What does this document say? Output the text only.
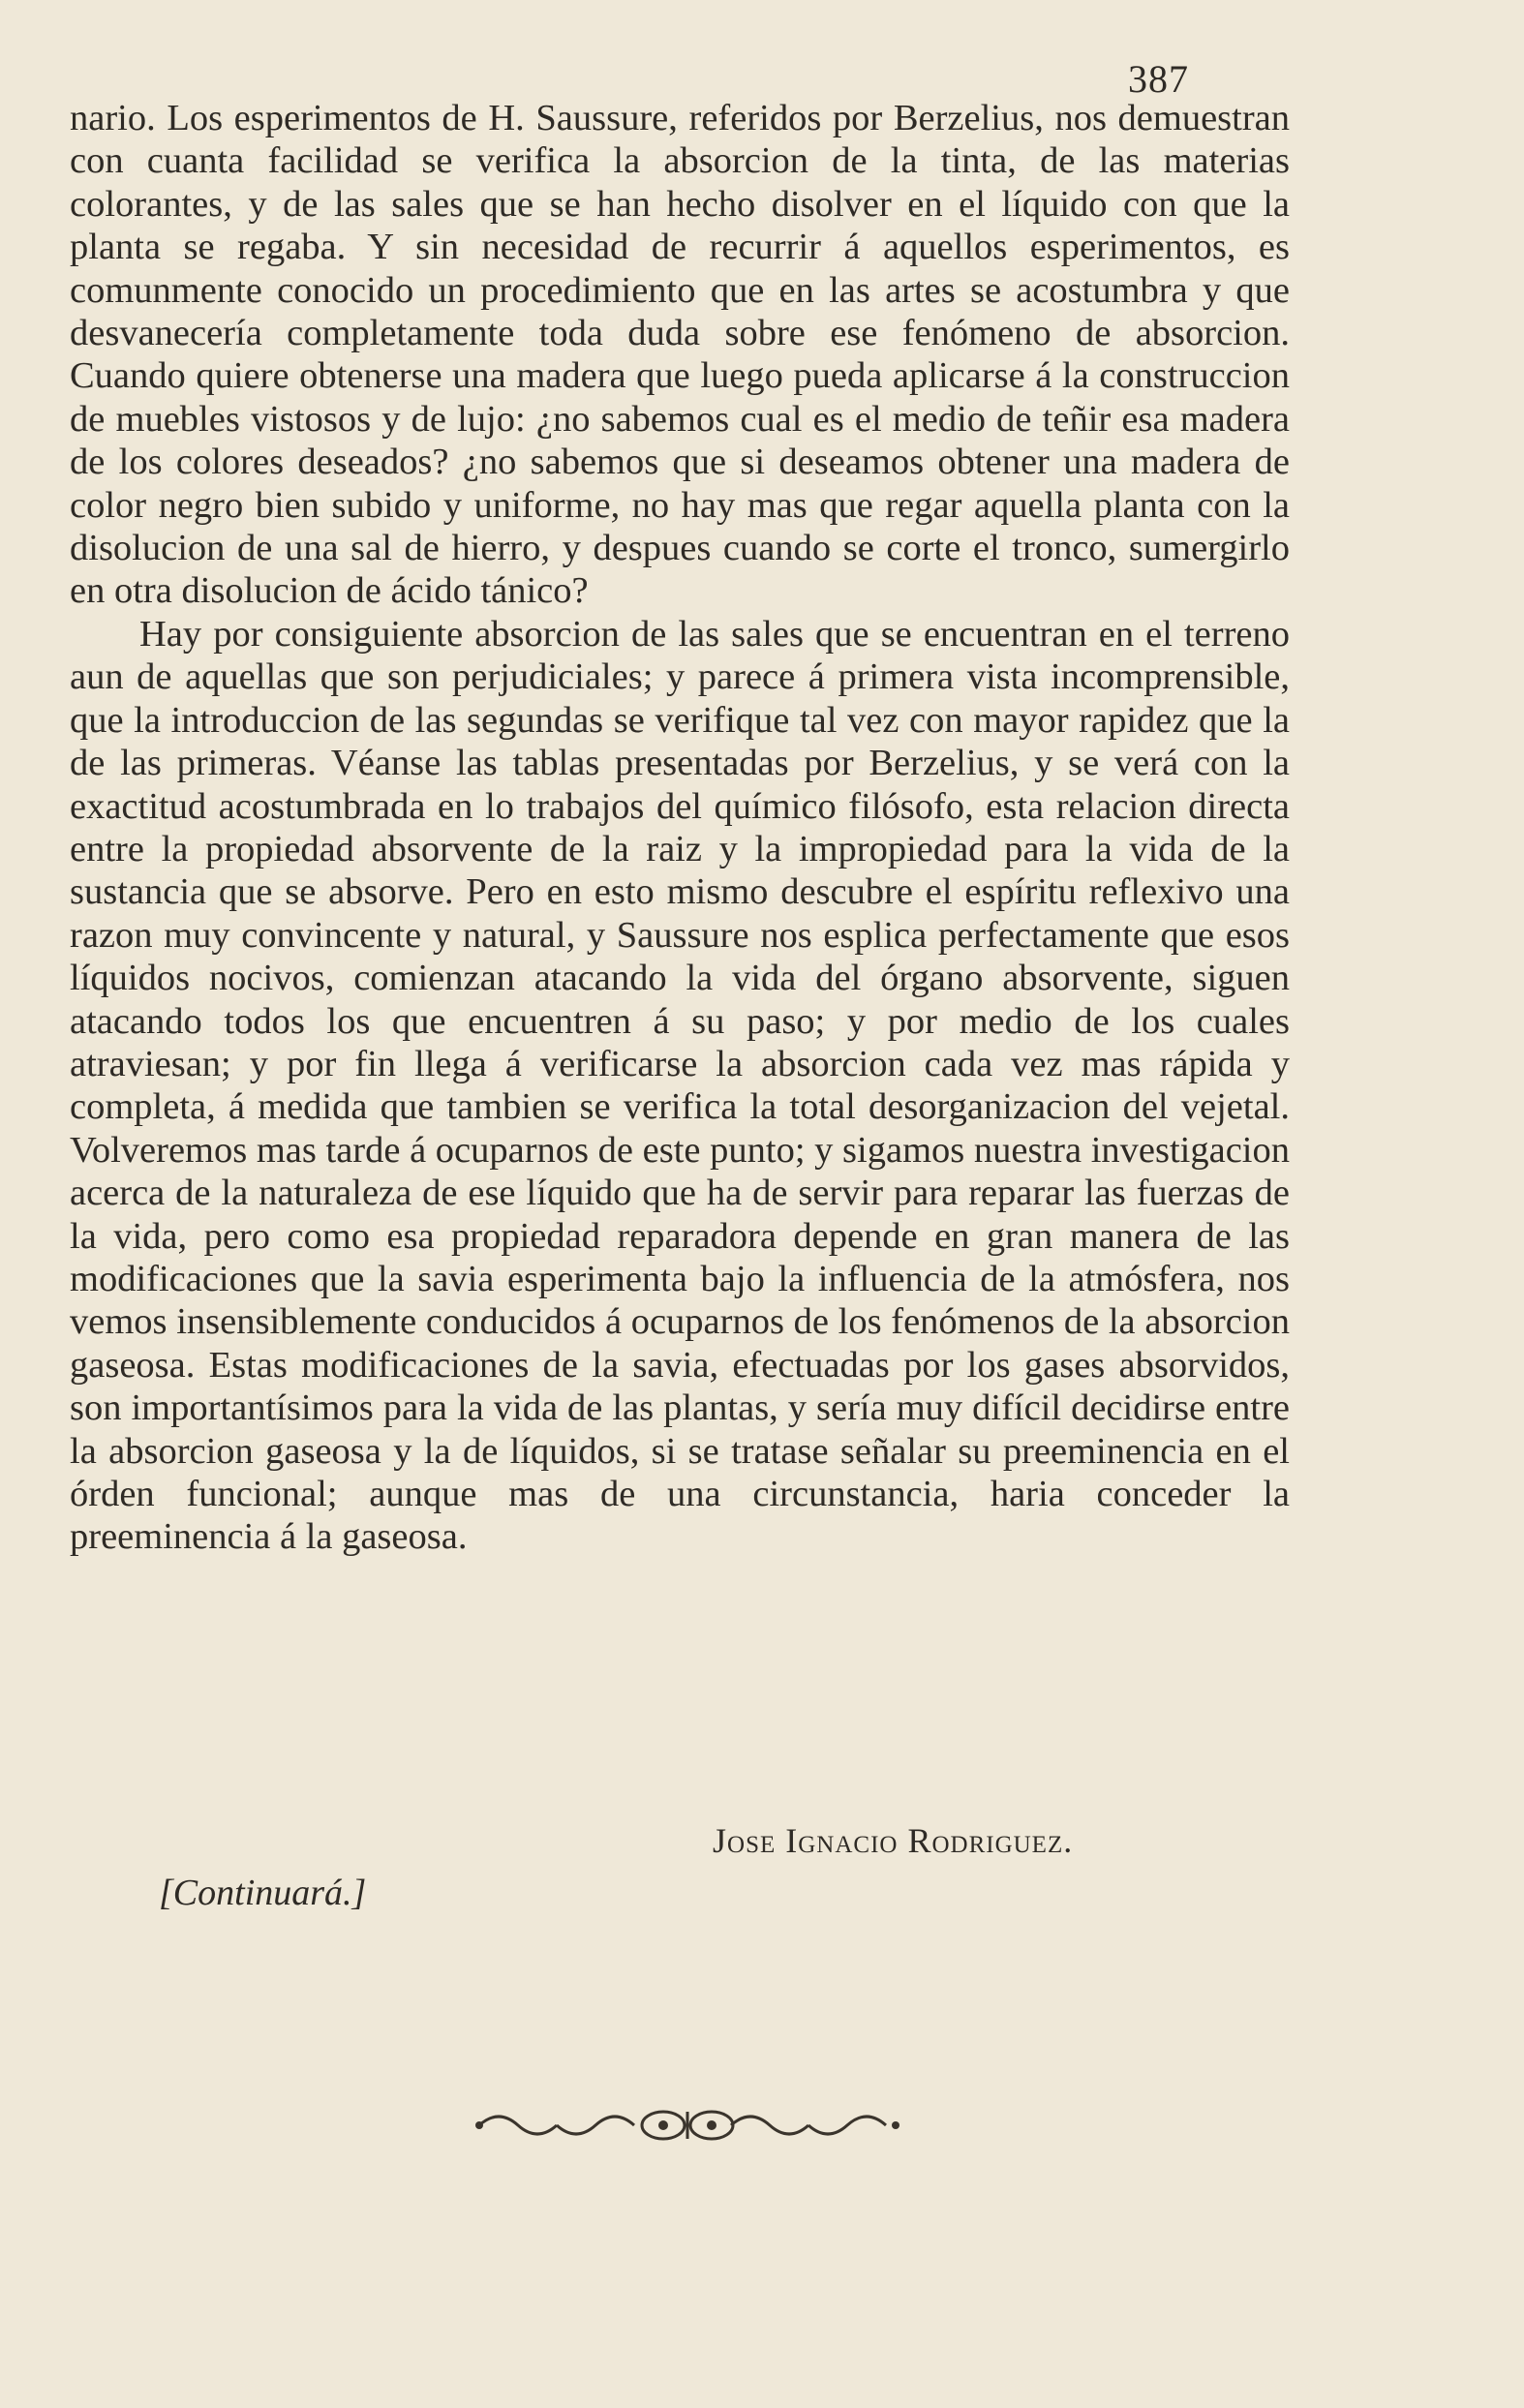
387

nario. Los esperimentos de H. Saussure, referidos por Berzelius, nos demuestran con cuanta facilidad se verifica la absorcion de la tinta, de las materias colorantes, y de las sales que se han hecho disolver en el líquido con que la planta se regaba. Y sin necesidad de recurrir á aquellos esperimentos, es comunmente conocido un procedimiento que en las artes se acostumbra y que desvanecería completamente toda duda sobre ese fenómeno de absorcion. Cuando quiere obtenerse una madera que luego pueda aplicarse á la construccion de muebles vistosos y de lujo: ¿no sabemos cual es el medio de teñir esa madera de los colores deseados? ¿no sabemos que si deseamos obtener una madera de color negro bien subido y uniforme, no hay mas que regar aquella planta con la disolucion de una sal de hierro, y despues cuando se corte el tronco, sumergirlo en otra disolucion de ácido tánico?

Hay por consiguiente absorcion de las sales que se encuentran en el terreno aun de aquellas que son perjudiciales; y parece á primera vista incomprensible, que la introduccion de las segundas se verifique tal vez con mayor rapidez que la de las primeras. Véanse las tablas presentadas por Berzelius, y se verá con la exactitud acostumbrada en lo trabajos del químico filósofo, esta relacion directa entre la propiedad absorvente de la raiz y la impropiedad para la vida de la sustancia que se absorve. Pero en esto mismo descubre el espíritu reflexivo una razon muy convincente y natural, y Saussure nos esplica perfectamente que esos líquidos nocivos, comienzan atacando la vida del órgano absorvente, siguen atacando todos los que encuentren á su paso; y por medio de los cuales atraviesan; y por fin llega á verificarse la absorcion cada vez mas rápida y completa, á medida que tambien se verifica la total desorganizacion del vejetal. Volveremos mas tarde á ocuparnos de este punto; y sigamos nuestra investigacion acerca de la naturaleza de ese líquido que ha de servir para reparar las fuerzas de la vida, pero como esa propiedad reparadora depende en gran manera de las modificaciones que la savia esperimenta bajo la influencia de la atmósfera, nos vemos insensiblemente conducidos á ocuparnos de los fenómenos de la absorcion gaseosa. Estas modificaciones de la savia, efectuadas por los gases absorvidos, son importantísimos para la vida de las plantas, y sería muy difícil decidirse entre la absorcion gaseosa y la de líquidos, si se tratase señalar su preeminencia en el órden funcional; aunque mas de una circunstancia, haria conceder la preeminencia á la gaseosa.

Jose Ignacio Rodriguez.
[Continuará.]
